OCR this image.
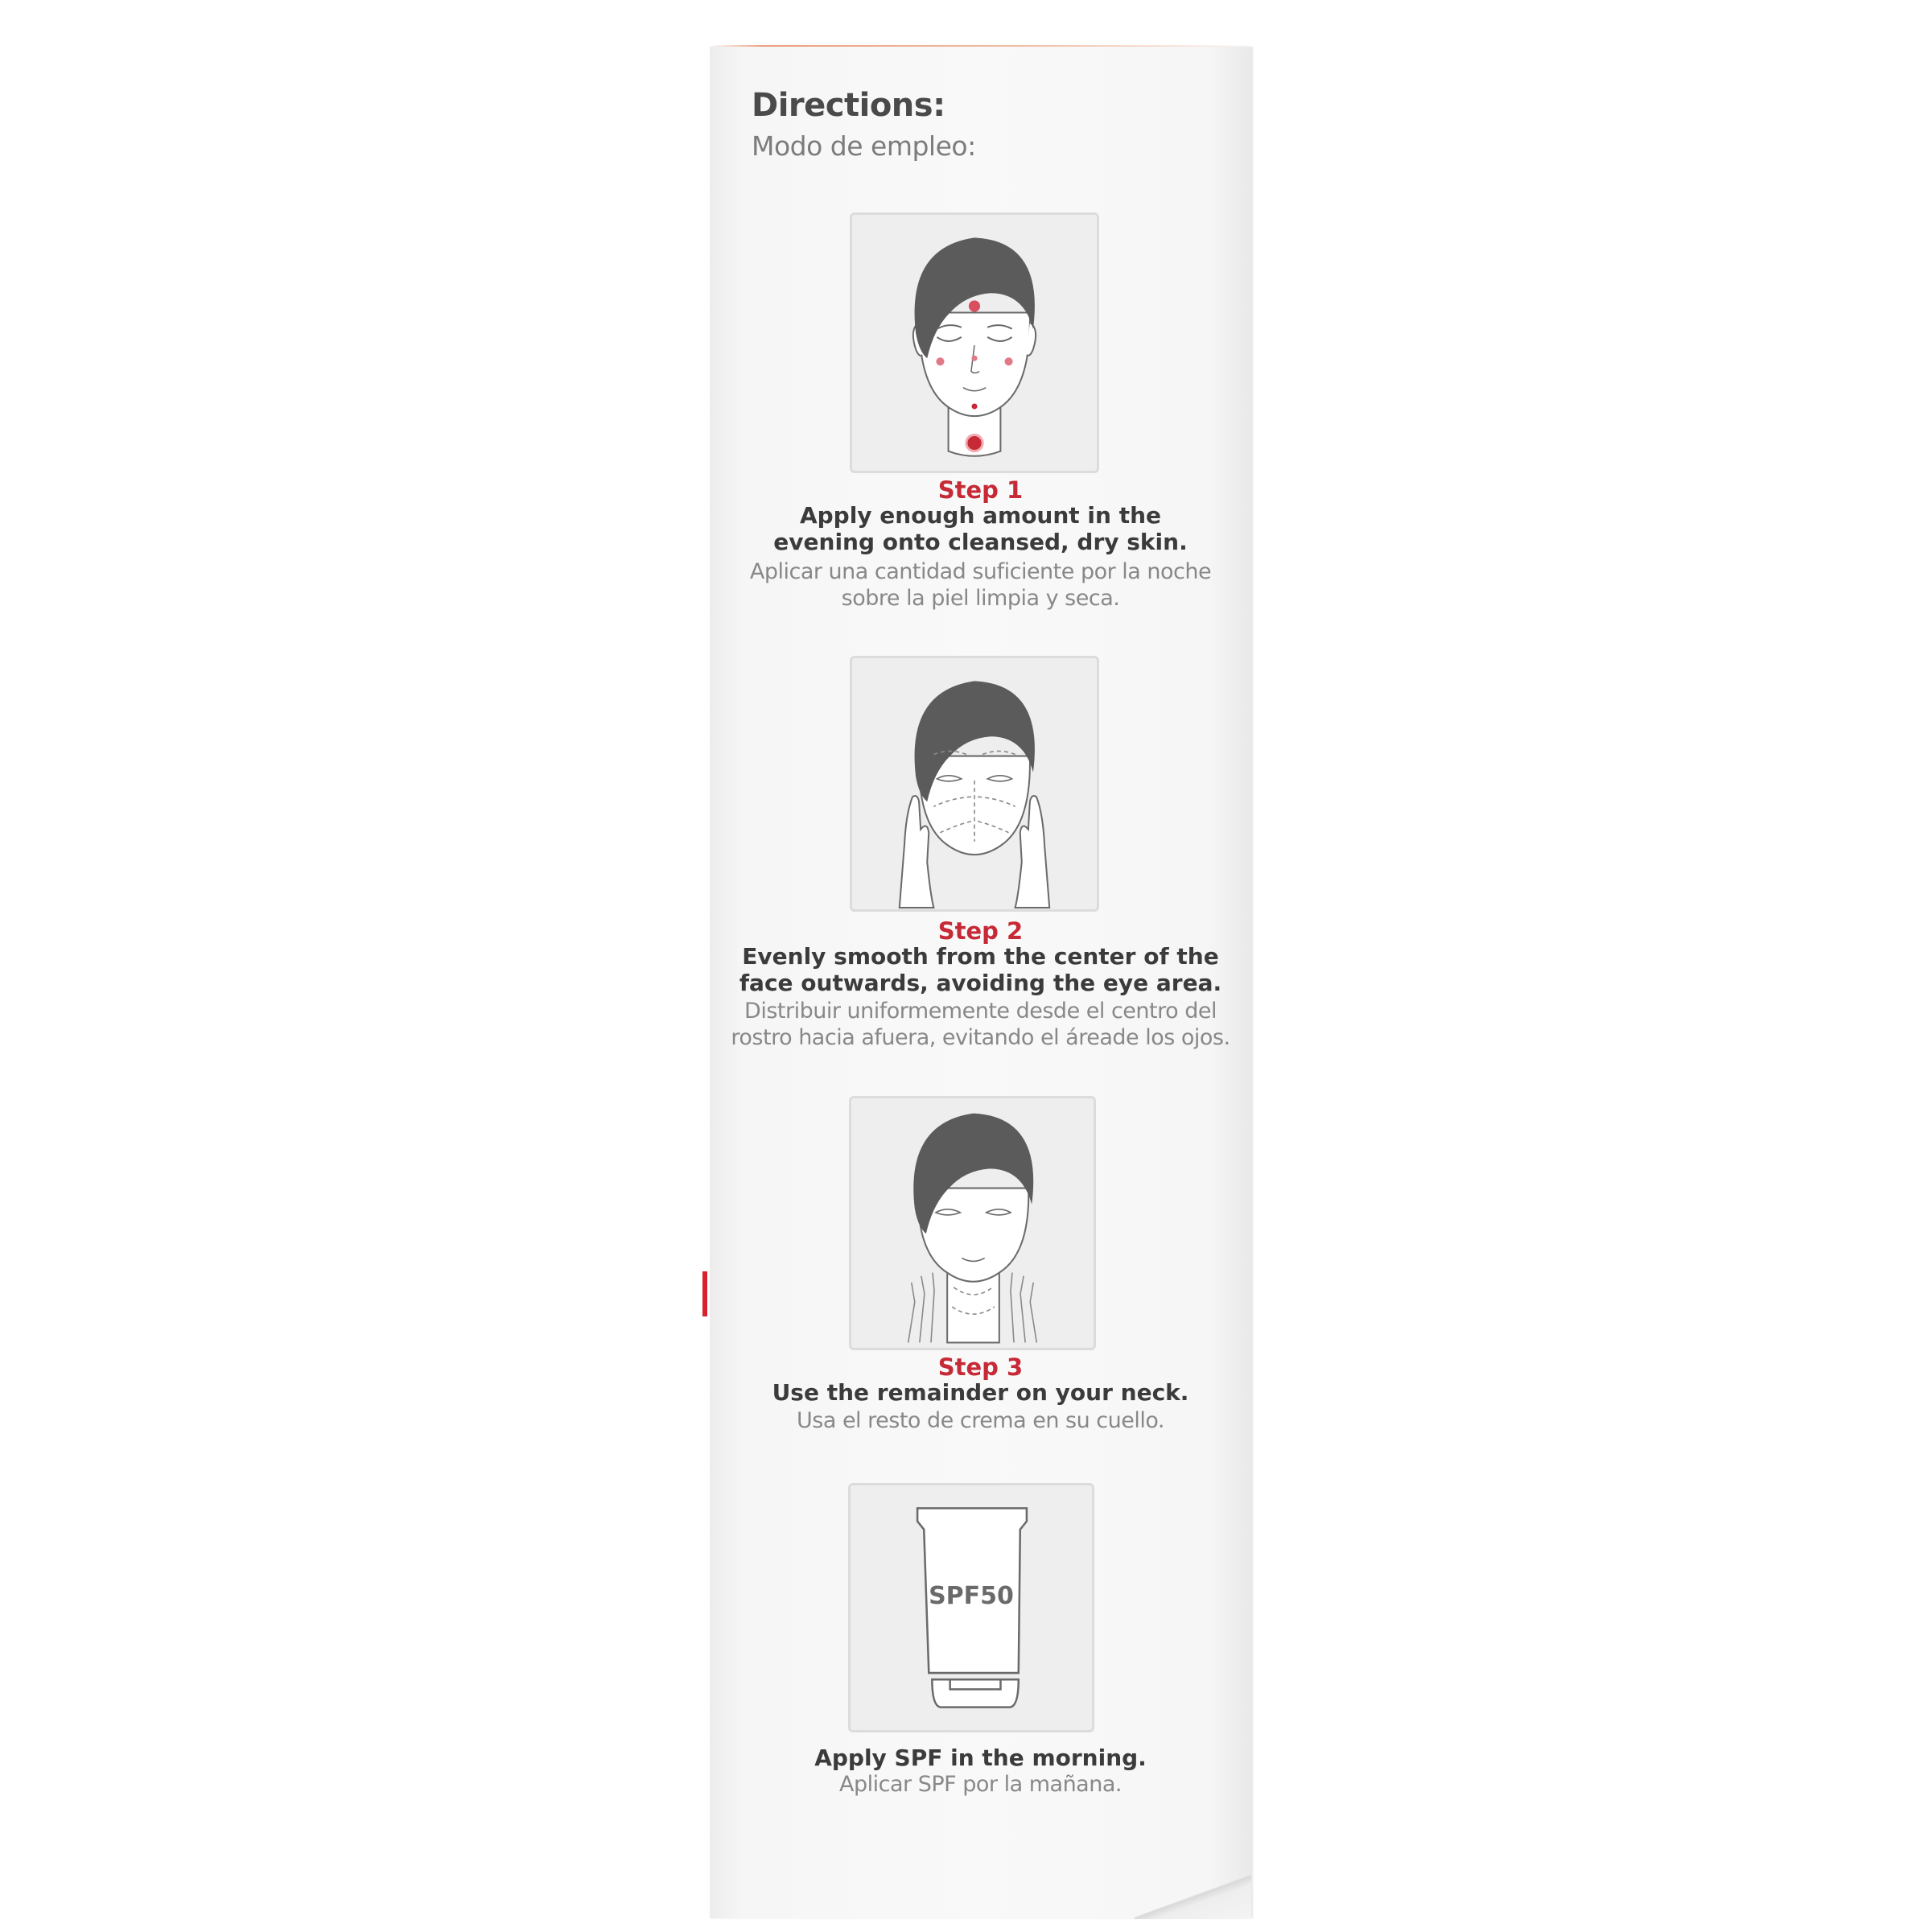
Directions:
Modo de empleo:
Step 1
Apply enough amount in the
evening onto cleansed, dry skin.
Aplicar una cantidad suficiente por la noche
sobre la piel limpia y seca.
Step 2
Evenly smooth from the center of the
face outwards, avoiding the eye area.
Distribuir uniformemente desde el centro del
rostro hacia afuera, evitando el áreade los ojos.
Step 3
Use the remainder on your neck.
Usa el resto de crema en su cuello.
SPF50
Apply SPF in the morning.
Aplicar SPF por la mañana.
